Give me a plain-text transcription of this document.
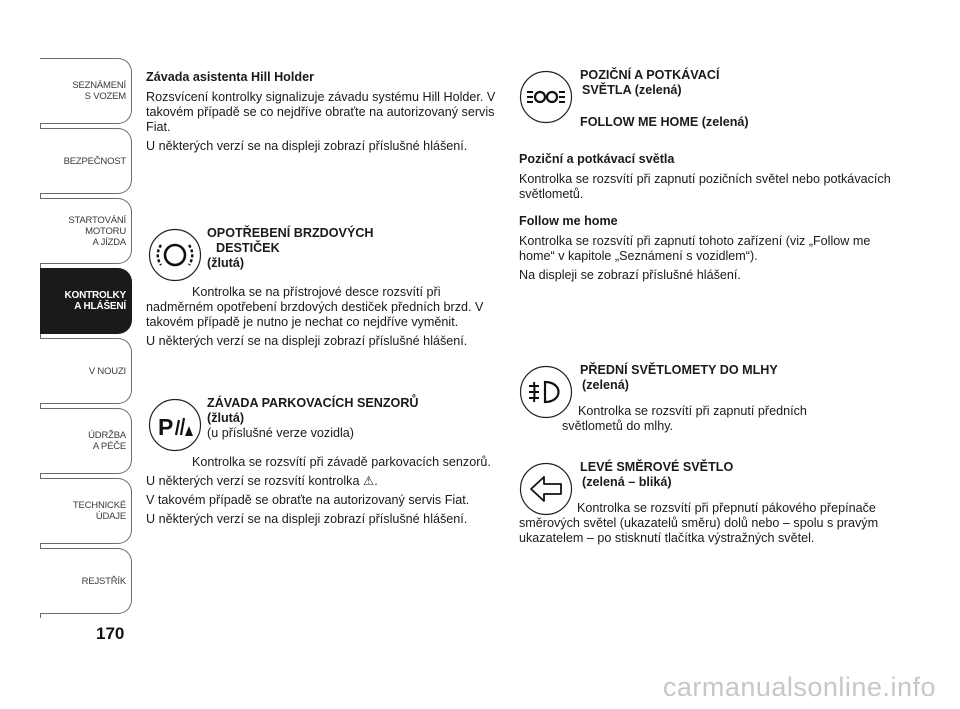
SEZNÁMENÍ
S VOZEM
BEZPEČNOST
STARTOVÁNÍ
MOTORU
A JÍZDA
KONTROLKY
A HLÁŠENÍ
V NOUZI
ÚDRŽBA
A PÉČE
TECHNICKÉ
ÚDAJE
REJSTŘÍK
170

Závada asistenta Hill Holder

Rozsvícení kontrolky signalizuje závadu systému Hill Holder. V takovém případě se co nejdříve obraťte na autorizovaný servis Fiat.

U některých verzí se na displeji zobrazí příslušné hlášení.

OPOTŘEBENÍ BRZDOVÝCH

DESTIČEK

(žlutá)

Kontrolka se na přístrojové desce rozsvítí při nadměrném opotřebení brzdových destiček předních brzd. V takovém případě je nutno je nechat co nejdříve vyměnit.

U některých verzí se na displeji zobrazí příslušné hlášení.

P

ZÁVADA PARKOVACÍCH SENZORŮ

(žlutá)

(u příslušné verze vozidla)

Kontrolka se rozsvítí při závadě parkovacích senzorů.

U některých verzí se rozsvítí kontrolka ⚠.

V takovém případě se obraťte na autorizovaný servis Fiat.

U některých verzí se na displeji zobrazí příslušné hlášení.

POZIČNÍ A POTKÁVACÍ

SVĚTLA (zelená)

FOLLOW ME HOME (zelená)

Poziční a potkávací světla

Kontrolka se rozsvítí při zapnutí pozičních světel nebo potkávacích světlometů.

Follow me home

Kontrolka se rozsvítí při zapnutí tohoto zařízení (viz „Follow me home“ v kapitole „Seznámení s vozidlem“).

Na displeji se zobrazí příslušné hlášení.

PŘEDNÍ SVĚTLOMETY DO MLHY

(zelená)

Kontrolka se rozsvítí při zapnutí předních světlometů do mlhy.

LEVÉ SMĚROVÉ SVĚTLO

(zelená – bliká)

Kontrolka se rozsvítí při přepnutí pákového přepínače směrových světel (ukazatelů směru) dolů nebo – spolu s pravým ukazatelem – po stisknutí tlačítka výstražných světel.

carmanualsonline.info
